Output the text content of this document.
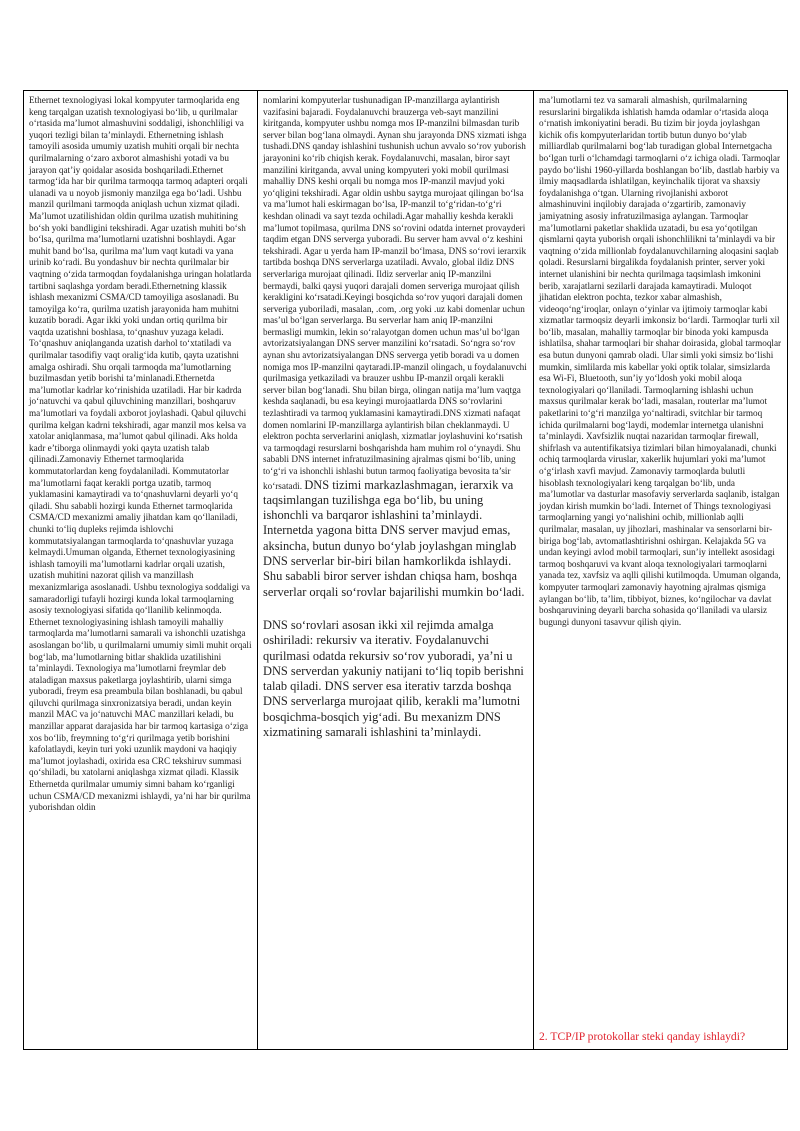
Ethernet texnologiyasi lokal kompyuter tarmoqlarida eng keng tarqalgan uzatish texnologiyasi bo‘lib, u qurilmalar o‘rtasida ma’lumot almashuvini soddaligi, ishonchliligi va yuqori tezligi bilan ta’minlaydi. Ethernetning ishlash tamoyili asosida umumiy uzatish muhiti orqali bir nechta qurilmalarning o‘zaro axborot almashishi yotadi va bu jarayon qat’iy qoidalar asosida boshqariladi.Ethernet tarmog‘ida har bir qurilma tarmoqqa tarmoq adapteri orqali ulanadi va u noyob jismoniy manzilga ega bo‘ladi. Ushbu manzil qurilmani tarmoqda aniqlash uchun xizmat qiladi. Ma’lumot uzatilishidan oldin qurilma uzatish muhitining bo‘sh yoki bandligini tekshiradi. Agar uzatish muhiti bo‘sh bo‘lsa, qurilma ma’lumotlarni uzatishni boshlaydi. Agar muhit band bo‘lsa, qurilma ma’lum vaqt kutadi va yana urinib ko‘radi. Bu yondashuv bir nechta qurilmalar bir vaqtning o‘zida tarmoqdan foydalanishga uringan holatlarda tartibni saqlashga yordam beradi.Ethernetning klassik ishlash mexanizmi CSMA/CD tamoyiliga asoslanadi. Bu tamoyilga ko‘ra, qurilma uzatish jarayonida ham muhitni kuzatib boradi. Agar ikki yoki undan ortiq qurilma bir vaqtda uzatishni boshlasa, to‘qnashuv yuzaga keladi. To‘qnashuv aniqlanganda uzatish darhol to‘xtatiladi va qurilmalar tasodifiy vaqt oralig‘ida kutib, qayta uzatishni amalga oshiradi. Shu orqali tarmoqda ma’lumotlarning buzilmasdan yetib borishi ta’minlanadi.Ethernetda ma’lumotlar kadrlar ko‘rinishida uzatiladi. Har bir kadrda jo‘natuvchi va qabul qiluvchining manzillari, boshqaruv ma’lumotlari va foydali axborot joylashadi. Qabul qiluvchi qurilma kelgan kadrni tekshiradi, agar manzil mos kelsa va xatolar aniqlanmasa, ma’lumot qabul qilinadi. Aks holda kadr e’tiborga olinmaydi yoki qayta uzatish talab qilinadi.Zamonaviy Ethernet tarmoqlarida kommutatorlardan keng foydalaniladi. Kommutatorlar ma’lumotlarni faqat kerakli portga uzatib, tarmoq yuklamasini kamaytiradi va to‘qnashuvlarni deyarli yo‘q qiladi. Shu sababli hozirgi kunda Ethernet tarmoqlarida CSMA/CD mexanizmi amaliy jihatdan kam qo‘llaniladi, chunki to‘liq dupleks rejimda ishlovchi kommutatsiyalangan tarmoqlarda to‘qnashuvlar yuzaga kelmaydi.Umuman olganda, Ethernet texnologiyasining ishlash tamoyili ma’lumotlarni kadrlar orqali uzatish, uzatish muhitini nazorat qilish va manzillash mexanizmlariga asoslanadi. Ushbu texnologiya soddaligi va samaradorligi tufayli hozirgi kunda lokal tarmoqlarning asosiy texnologiyasi sifatida qo‘llanilib kelinmoqda. Ethernet texnologiyasining ishlash tamoyili mahalliy tarmoqlarda ma’lumotlarni samarali va ishonchli uzatishga asoslangan bo‘lib, u qurilmalarni umumiy simli muhit orqali bog‘lab, ma’lumotlarning bitlar shaklida uzatilishini ta’minlaydi. Texnologiya ma’lumotlarni freymlar deb ataladigan maxsus paketlarga joylashtirib, ularni simga yuboradi, freym esa preambula bilan boshlanadi, bu qabul qiluvchi qurilmaga sinxronizatsiya beradi, undan keyin manzil MAC va jo‘natuvchi MAC manzillari keladi, bu manzillar apparat darajasida har bir tarmoq kartasiga o‘ziga xos bo‘lib, freymning to‘g‘ri qurilmaga yetib borishini kafolatlaydi, keyin turi yoki uzunlik maydoni va haqiqiy ma’lumot joylashadi, oxirida esa CRC tekshiruv summasi qo‘shiladi, bu xatolarni aniqlashga xizmat qiladi. Klassik Ethernetda qurilmalar umumiy simni baham ko‘rganligi uchun CSMA/CD mexanizmi ishlaydi, ya’ni har bir qurilma yuborishdan oldin

nomlarini kompyuterlar tushunadigan IP-manzillarga aylantirish vazifasini bajaradi. Foydalanuvchi brauzerga veb-sayt manzilini kiritganda, kompyuter ushbu nomga mos IP-manzilni bilmasdan turib server bilan bog‘lana olmaydi. Aynan shu jarayonda DNS xizmati ishga tushadi.DNS qanday ishlashini tushunish uchun avvalo so‘rov yuborish jarayonini ko‘rib chiqish kerak. Foydalanuvchi, masalan, biror sayt manzilini kiritganda, avval uning kompyuteri yoki mobil qurilmasi mahalliy DNS keshi orqali bu nomga mos IP-manzil mavjud yoki yo‘qligini tekshiradi. Agar oldin ushbu saytga murojaat qilingan bo‘lsa va ma’lumot hali eskirmagan bo‘lsa, IP-manzil to‘g‘ridan-to‘g‘ri keshdan olinadi va sayt tezda ochiladi.Agar mahalliy keshda kerakli ma’lumot topilmasa, qurilma DNS so‘rovini odatda internet provayderi taqdim etgan DNS serverga yuboradi. Bu server ham avval o‘z keshini tekshiradi. Agar u yerda ham IP-manzil bo‘lmasa, DNS so‘rovi ierarxik tartibda boshqa DNS serverlarga uzatiladi. Avvalo, global ildiz DNS serverlariga murojaat qilinadi. Ildiz serverlar aniq IP-manzilni bermaydi, balki qaysi yuqori darajali domen serveriga murojaat qilish kerakligini ko‘rsatadi.Keyingi bosqichda so‘rov yuqori darajali domen serveriga yuboriladi, masalan, .com, .org yoki .uz kabi domenlar uchun mas’ul bo‘lgan serverlarga. Bu serverlar ham aniq IP-manzilni bermasligi mumkin, lekin so‘ralayotgan domen uchun mas’ul bo‘lgan avtorizatsiyalangan DNS server manzilini ko‘rsatadi. So‘ngra so‘rov aynan shu avtorizatsiyalangan DNS serverga yetib boradi va u domen nomiga mos IP-manzilni qaytaradi.IP-manzil olingach, u foydalanuvchi qurilmasiga yetkaziladi va brauzer ushbu IP-manzil orqali kerakli server bilan bog‘lanadi. Shu bilan birga, olingan natija ma’lum vaqtga keshda saqlanadi, bu esa keyingi murojaatlarda DNS so‘rovlarini tezlashtiradi va tarmoq yuklamasini kamaytiradi.DNS xizmati nafaqat domen nomlarini IP-manzillarga aylantirish bilan cheklanmaydi. U elektron pochta serverlarini aniqlash, xizmatlar joylashuvini ko‘rsatish va tarmoqdagi resurslarni boshqarishda ham muhim rol o‘ynaydi. Shu sababli DNS internet infratuzilmasining ajralmas qismi bo‘lib, uning to‘g‘ri va ishonchli ishlashi butun tarmoq faoliyatiga bevosita ta’sir ko‘rsatadi. DNS tizimi markazlashmagan, ierarxik va taqsimlangan tuzilishga ega bo‘lib, bu uning ishonchli va barqaror ishlashini ta’minlaydi. Internetda yagona bitta DNS server mavjud emas, aksincha, butun dunyo bo‘ylab joylashgan minglab DNS serverlar bir-biri bilan hamkorlikda ishlaydi. Shu sababli biror server ishdan chiqsa ham, boshqa serverlar orqali so‘rovlar bajarilishi mumkin bo‘ladi.

DNS so‘rovlari asosan ikki xil rejimda amalga oshiriladi: rekursiv va iterativ. Foydalanuvchi qurilmasi odatda rekursiv so‘rov yuboradi, ya’ni u DNS serverdan yakuniy natijani to‘liq topib berishni talab qiladi. DNS server esa iterativ tarzda boshqa DNS serverlarga murojaat qilib, kerakli ma’lumotni bosqichma-bosqich yig‘adi. Bu mexanizm DNS xizmatining samarali ishlashini ta’minlaydi.

ma’lumotlarni tez va samarali almashish, qurilmalarning resurslarini birgalikda ishlatish hamda odamlar o‘rtasida aloqa o‘rnatish imkoniyatini beradi. Bu tizim bir joyda joylashgan kichik ofis kompyuterlaridan tortib butun dunyo bo‘ylab milliardlab qurilmalarni bog‘lab turadigan global Internetgacha bo‘lgan turli o‘lchamdagi tarmoqlarni o‘z ichiga oladi. Tarmoqlar paydo bo‘lishi 1960-yillarda boshlangan bo‘lib, dastlab harbiy va ilmiy maqsadlarda ishlatilgan, keyinchalik tijorat va shaxsiy foydalanishga o‘tgan. Ularning rivojlanishi axborot almashinuvini inqilobiy darajada o‘zgartirib, zamonaviy jamiyatning asosiy infratuzilmasiga aylangan. Tarmoqlar ma’lumotlarni paketlar shaklida uzatadi, bu esa yo‘qotilgan qismlarni qayta yuborish orqali ishonchlilikni ta’minlaydi va bir vaqtning o‘zida millionlab foydalanuvchilarning aloqasini saqlab qoladi. Resurslarni birgalikda foydalanish printer, server yoki internet ulanishini bir nechta qurilmaga taqsimlash imkonini berib, xarajatlarni sezilarli darajada kamaytiradi. Muloqot jihatidan elektron pochta, tezkor xabar almashish, videoqo‘ng‘iroqlar, onlayn o‘yinlar va ijtimoiy tarmoqlar kabi xizmatlar tarmoqsiz deyarli imkonsiz bo‘lardi. Tarmoqlar turli xil bo‘lib, masalan, mahalliy tarmoqlar bir binoda yoki kampusda ishlatilsa, shahar tarmoqlari bir shahar doirasida, global tarmoqlar esa butun dunyoni qamrab oladi. Ular simli yoki simsiz bo‘lishi mumkin, simlilarda mis kabellar yoki optik tolalar, simsizlarda esa Wi-Fi, Bluetooth, sun’iy yo‘ldosh yoki mobil aloqa texnologiyalari qo‘llaniladi. Tarmoqlarning ishlashi uchun maxsus qurilmalar kerak bo‘ladi, masalan, routerlar ma’lumot paketlarini to‘g‘ri manzilga yo‘naltiradi, svitchlar bir tarmoq ichida qurilmalarni bog‘laydi, modemlar internetga ulanishni ta’minlaydi. Xavfsizlik nuqtai nazaridan tarmoqlar firewall, shifrlash va autentifikatsiya tizimlari bilan himoyalanadi, chunki ochiq tarmoqlarda viruslar, xakerlik hujumlari yoki ma’lumot o‘g‘irlash xavfi mavjud. Zamonaviy tarmoqlarda bulutli hisoblash texnologiyalari keng tarqalgan bo‘lib, unda ma’lumotlar va dasturlar masofaviy serverlarda saqlanib, istalgan joydan kirish mumkin bo‘ladi. Internet of Things texnologiyasi tarmoqlarning yangi yo‘nalishini ochib, millionlab aqlli qurilmalar, masalan, uy jihozlari, mashinalar va sensorlarni bir-biriga bog‘lab, avtomatlashtirishni oshirgan. Kelajakda 5G va undan keyingi avlod mobil tarmoqlari, sun’iy intellekt asosidagi tarmoq boshqaruvi va kvant aloqa texnologiyalari tarmoqlarni yanada tez, xavfsiz va aqlli qilishi kutilmoqda. Umuman olganda, kompyuter tarmoqlari zamonaviy hayotning ajralmas qismiga aylangan bo‘lib, ta’lim, tibbiyot, biznes, ko‘ngilochar va davlat boshqaruvining deyarli barcha sohasida qo‘llaniladi va ularsiz bugungi dunyoni tasavvur qilish qiyin.

2. TCP/IP protokollar steki qanday ishlaydi?
